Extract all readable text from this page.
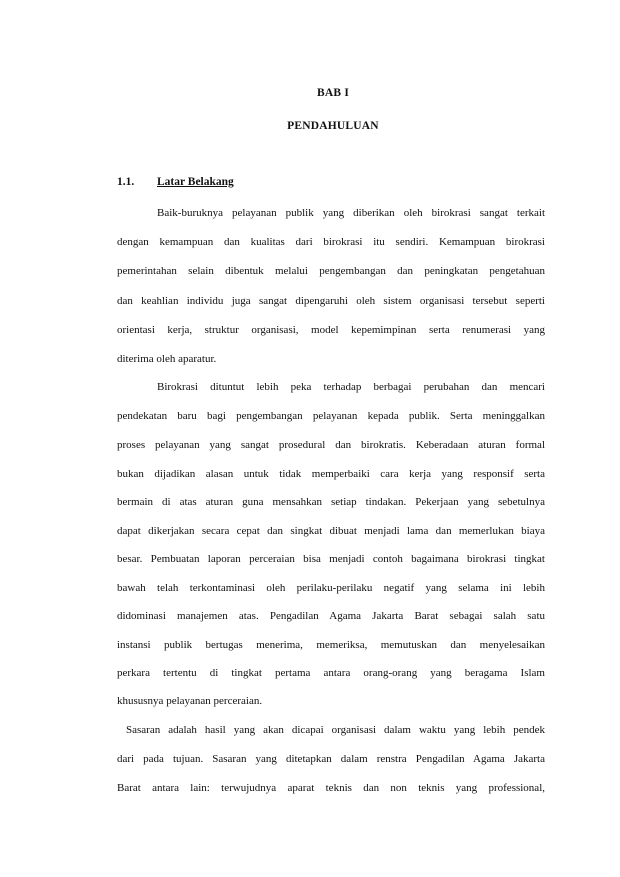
BAB I
PENDAHULUAN
1.1. Latar Belakang
Baik-buruknya pelayanan publik yang diberikan oleh birokrasi sangat terkait
dengan kemampuan dan kualitas dari birokrasi itu sendiri. Kemampuan birokrasi
pemerintahan selain dibentuk melalui pengembangan dan peningkatan pengetahuan
dan keahlian individu juga sangat dipengaruhi oleh sistem organisasi tersebut seperti
orientasi kerja, struktur organisasi, model kepemimpinan serta renumerasi yang
diterima oleh aparatur.
Birokrasi dituntut lebih peka terhadap berbagai perubahan dan mencari
pendekatan baru bagi pengembangan pelayanan kepada publik. Serta meninggalkan
proses pelayanan yang sangat prosedural dan birokratis. Keberadaan aturan formal
bukan dijadikan alasan untuk tidak memperbaiki cara kerja yang responsif serta
bermain di atas aturan guna mensahkan setiap tindakan. Pekerjaan yang sebetulnya
dapat dikerjakan secara cepat dan singkat dibuat menjadi lama dan memerlukan biaya
besar. Pembuatan laporan perceraian bisa menjadi contoh bagaimana birokrasi tingkat
bawah telah terkontaminasi oleh perilaku-perilaku negatif yang selama ini lebih
didominasi manajemen atas. Pengadilan Agama Jakarta Barat sebagai salah satu
instansi publik bertugas menerima, memeriksa, memutuskan dan menyelesaikan
perkara tertentu di tingkat pertama antara orang-orang yang beragama Islam
khususnya pelayanan perceraian.
Sasaran adalah hasil yang akan dicapai organisasi dalam waktu yang lebih pendek
dari pada tujuan. Sasaran yang ditetapkan dalam renstra Pengadilan Agama Jakarta
Barat antara lain: terwujudnya aparat teknis dan non teknis yang professional,
